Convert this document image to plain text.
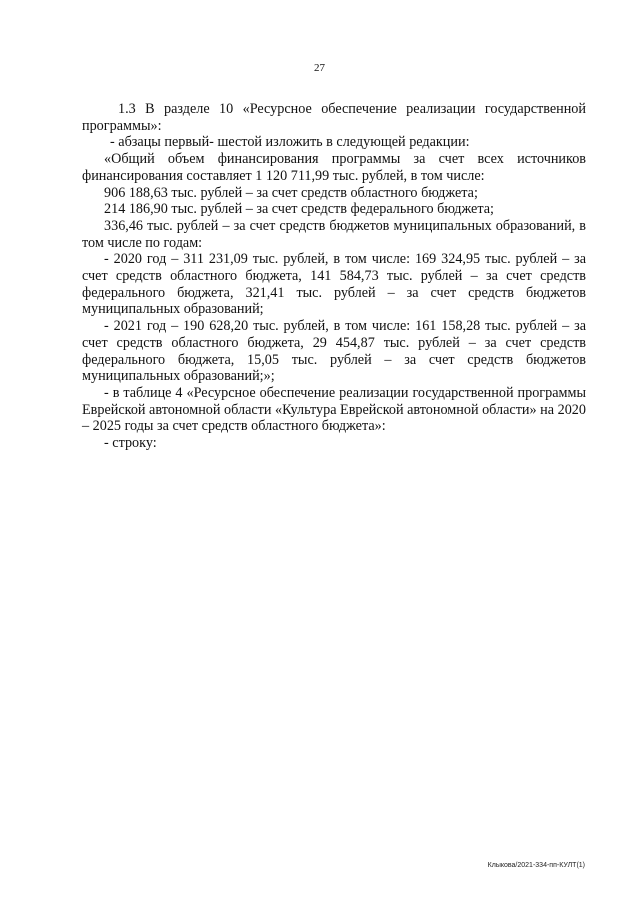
27

1.3 В разделе 10 «Ресурсное обеспечение реализации государственной программы»:

- абзацы первый- шестой изложить в следующей редакции:

«Общий объем финансирования программы за счет всех источников финансирования составляет 1 120 711,99 тыс. рублей, в том числе:

906 188,63 тыс. рублей – за счет средств областного бюджета;

214 186,90 тыс. рублей – за счет средств федерального бюджета;

336,46 тыс. рублей – за счет средств бюджетов муниципальных образований, в том числе по годам:

- 2020 год – 311 231,09 тыс. рублей, в том числе: 169 324,95 тыс. рублей – за счет средств областного бюджета, 141 584,73 тыс. рублей – за счет средств федерального бюджета, 321,41 тыс. рублей – за счет средств бюджетов муниципальных образований;

- 2021 год – 190 628,20 тыс. рублей, в том числе: 161 158,28 тыс. рублей – за счет средств областного бюджета, 29 454,87 тыс. рублей – за счет средств федерального бюджета, 15,05 тыс. рублей – за счет средств бюджетов муниципальных образований;»;

- в таблице 4 «Ресурсное обеспечение реализации государственной программы Еврейской автономной области «Культура Еврейской автономной области» на 2020 – 2025 годы за счет средств областного бюджета»:

- строку:

Клыкова/2021-334-пп-КУЛТ(1)
